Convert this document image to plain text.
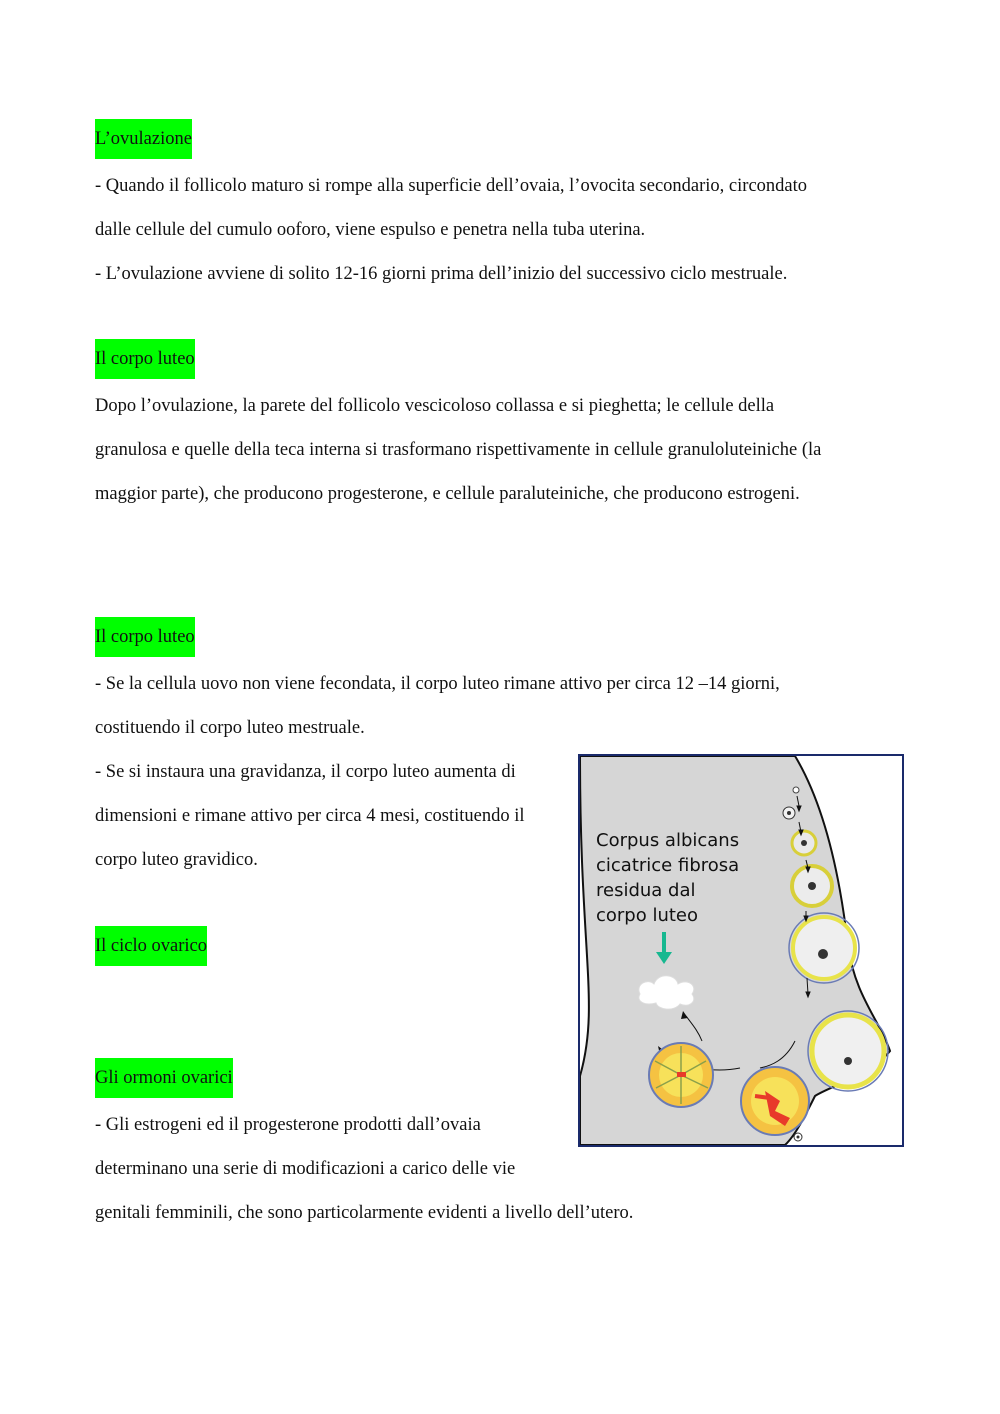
L’ovulazione
- Quando il follicolo maturo si rompe alla superficie dell’ovaia, l’ovocita secondario, circondato
dalle cellule del cumulo ooforo, viene espulso e penetra nella tuba uterina.
- L’ovulazione avviene di solito 12-16 giorni prima dell’inizio del successivo ciclo mestruale.
Il corpo luteo
Dopo l’ovulazione, la parete del follicolo vescicoloso collassa e si pieghetta; le cellule della
granulosa e quelle della teca interna si trasformano rispettivamente in cellule granuloluteiniche (la
maggior parte), che producono progesterone, e cellule paraluteiniche, che producono estrogeni.
Il corpo luteo
- Se la cellula uovo non viene fecondata, il corpo luteo rimane attivo per circa 12 –14 giorni,
costituendo il corpo luteo mestruale.
- Se si instaura una gravidanza, il corpo luteo aumenta di
dimensioni e rimane attivo per circa 4 mesi, costituendo il
corpo luteo gravidico.
Il ciclo ovarico
Gli ormoni ovarici
- Gli estrogeni ed il progesterone prodotti dall’ovaia
determinano una serie di modificazioni a carico delle vie
genitali femminili, che sono particolarmente evidenti a livello dell’utero.
Corpus albicans cicatrice fibrosa residua dal corpo luteo
